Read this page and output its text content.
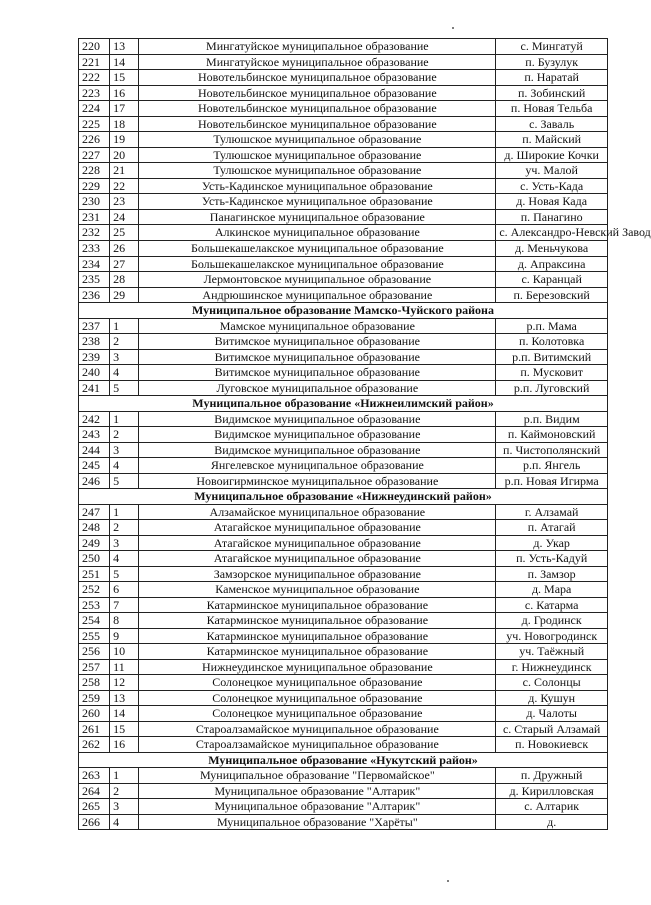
220	13	Мингатуйское муниципальное образование	с. Мингатуй
221	14	Мингатуйское муниципальное образование	п. Бузулук
222	15	Новотельбинское муниципальное образование	п. Наратай
223	16	Новотельбинское муниципальное образование	п. Зобинский
224	17	Новотельбинское муниципальное образование	п. Новая Тельба
225	18	Новотельбинское муниципальное образование	с. Заваль
226	19	Тулюшское муниципальное образование	п. Майский
227	20	Тулюшское муниципальное образование	д. Широкие Кочки
228	21	Тулюшское муниципальное образование	уч. Малой
229	22	Усть-Кадинское муниципальное образование	с. Усть-Када
230	23	Усть-Кадинское муниципальное образование	д. Новая Када
231	24	Панагинское муниципальное образование	п. Панагино
232	25	Алкинское муниципальное образование	с. Александро-Невский Завод
233	26	Большекашелакское муниципальное образование	д. Меньчукова
234	27	Большекашелакское муниципальное образование	д. Апраксина
235	28	Лермонтовское муниципальное образование	с. Каранцай
236	29	Андрюшинское муниципальное образование	п. Березовский
Муниципальное образование Мамско-Чуйского района			
237	1	Мамское муниципальное образование	р.п. Мама
238	2	Витимское муниципальное образование	п. Колотовка
239	3	Витимское муниципальное образование	р.п. Витимский
240	4	Витимское муниципальное образование	п. Мусковит
241	5	Луговское муниципальное образование	р.п. Луговский
Муниципальное образование «Нижнеилимский район»			
242	1	Видимское муниципальное образование	р.п. Видим
243	2	Видимское муниципальное образование	п. Каймоновский
244	3	Видимское муниципальное образование	п. Чистополянский
245	4	Янгелевское муниципальное образование	р.п. Янгель
246	5	Новоигирминское муниципальное образование	р.п. Новая Игирма
Муниципальное образование «Нижнеудинский район»			
247	1	Алзамайское муниципальное образование	г. Алзамай
248	2	Атагайское муниципальное образование	п. Атагай
249	3	Атагайское муниципальное образование	д. Укар
250	4	Атагайское муниципальное образование	п. Усть-Кадуй
251	5	Замзорское муниципальное образование	п. Замзор
252	6	Каменское муниципальное образование	д. Мара
253	7	Катарминское муниципальное образование	с. Катарма
254	8	Катарминское муниципальное образование	д. Гродинск
255	9	Катарминское муниципальное образование	уч. Новогродинск
256	10	Катарминское муниципальное образование	уч. Таёжный
257	11	Нижнеудинское муниципальное образование	г. Нижнеудинск
258	12	Солонецкое муниципальное образование	с. Солонцы
259	13	Солонецкое муниципальное образование	д. Кушун
260	14	Солонецкое муниципальное образование	д. Чалоты
261	15	Староалзамайское муниципальное образование	с. Старый Алзамай
262	16	Староалзамайское муниципальное образование	п. Новокиевск
Муниципальное образование «Нукутский район»			
263	1	Муниципальное образование "Первомайское"	п. Дружный
264	2	Муниципальное образование "Алтарик"	д. Кирилловская
265	3	Муниципальное образование "Алтарик"	с. Алтарик
266	4	Муниципальное образование "Харёты"	д.
